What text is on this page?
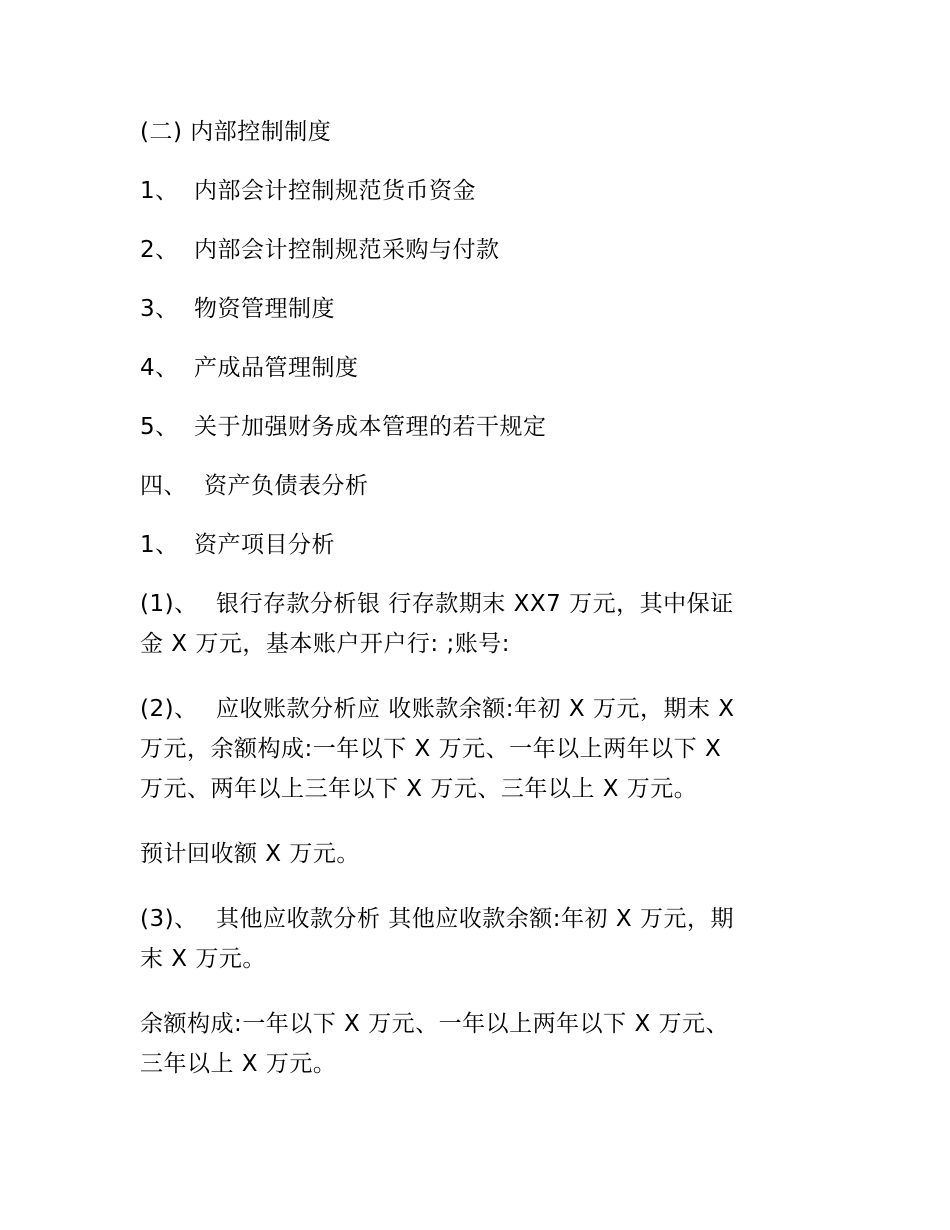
(二) 内部控制制度

1、 内部会计控制规范货币资金

2、 内部会计控制规范采购与付款

3、 物资管理制度

4、 产成品管理制度

5、 关于加强财务成本管理的若干规定

四、 资产负债表分析

1、 资产项目分析

(1)、 银行存款分析银 行存款期末 XX7 万元，其中保证
金 X 万元，基本账户开户行: ;账号:
(2)、 应收账款分析应 收账款余额:年初 X 万元，期末 X
万元，余额构成:一年以下 X 万元、一年以上两年以下 X
万元、两年以上三年以下 X 万元、三年以上 X 万元。
预计回收额 X 万元。
(3)、 其他应收款分析 其他应收款余额:年初 X 万元，期
末 X 万元。
余额构成:一年以下 X 万元、一年以上两年以下 X 万元、
三年以上 X 万元。
